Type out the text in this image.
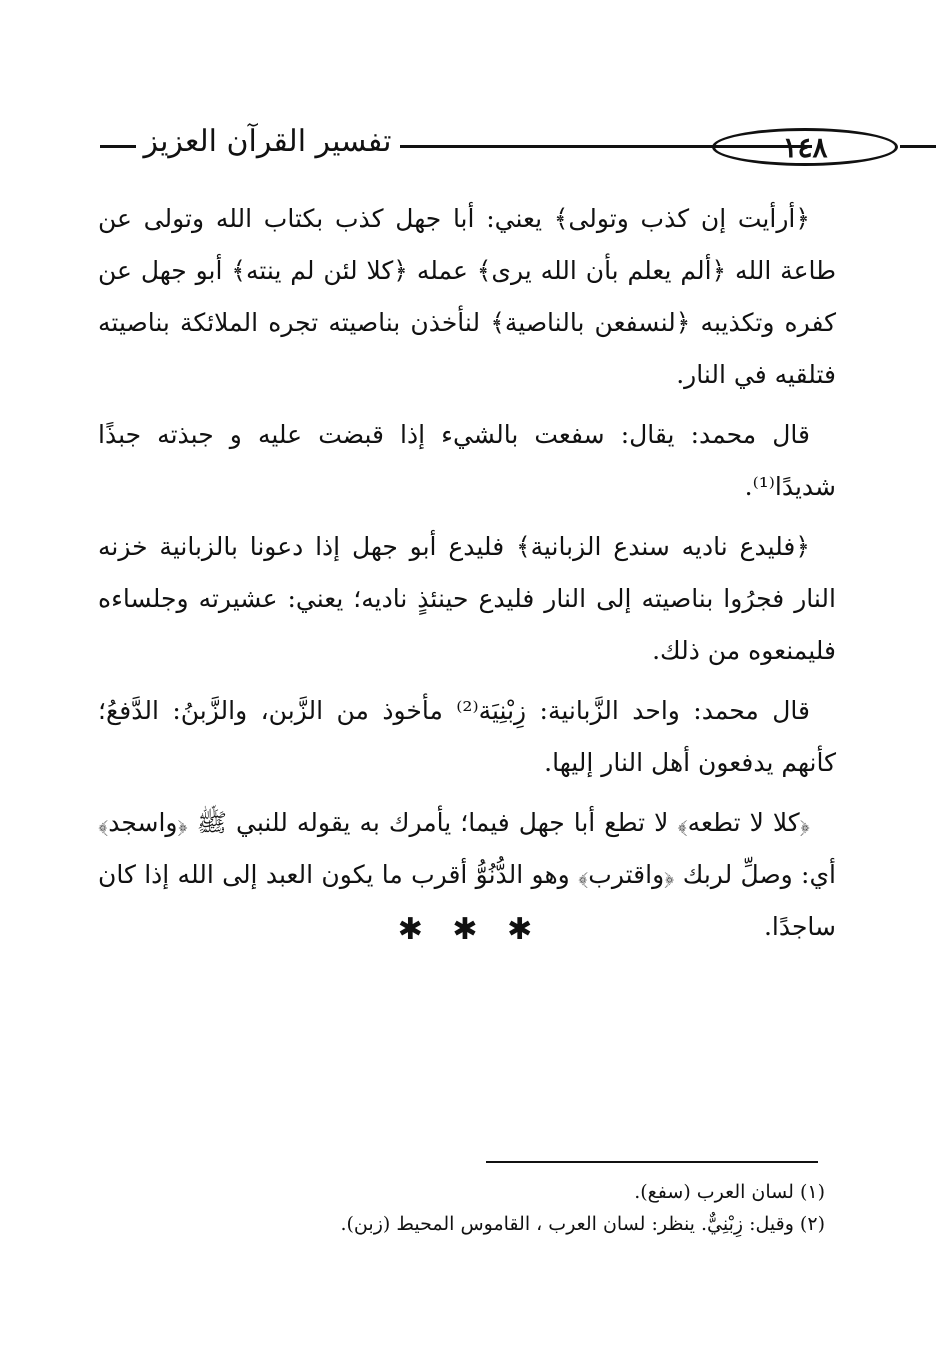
تفسير القرآن العزيز	١٤٨

﴿أرأيت إن كذب وتولى﴾ يعني: أبا جهل كذب بكتاب الله وتولى عن طاعة الله ﴿ألم يعلم بأن الله يرى﴾ عمله ﴿كلا لئن لم ينته﴾ أبو جهل عن كفره وتكذيبه ﴿لنسفعن بالناصية﴾ لنأخذن بناصيته تجره الملائكة بناصيته فتلقيه في النار.

قال محمد: يقال: سفعت بالشيء إذا قبضت عليه و جبذته جبذًا شديدًا⁽¹⁾.

﴿فليدع ناديه سندع الزبانية﴾ فليدع أبو جهل إذا دعونا بالزبانية خزنه النار فجرُوا بناصيته إلى النار فليدع حينئذٍ ناديه؛ يعني: عشيرته وجلساءه فليمنعوه من ذلك.

قال محمد: واحد الزَّبانية: زِبْنِيَة⁽²⁾ مأخوذ من الزَّبن، والزَّبنُ: الدَّفعُ؛ كأنهم يدفعون أهل النار إليها.

﴿كلا لا تطعه﴾ لا تطع أبا جهل فيما؛ يأمرك به يقوله للنبي ﷺ ﴿واسجد﴾ أي: وصلِّ لربك ﴿واقترب﴾ وهو الدُّنُوُّ أقرب ما يكون العبد إلى الله إذا كان ساجدًا.

✱ ✱ ✱
(١) لسان العرب (سفع).
(٢) وقيل: زِبْنِيٌّ. ينظر: لسان العرب ، القاموس المحيط (زبن).
